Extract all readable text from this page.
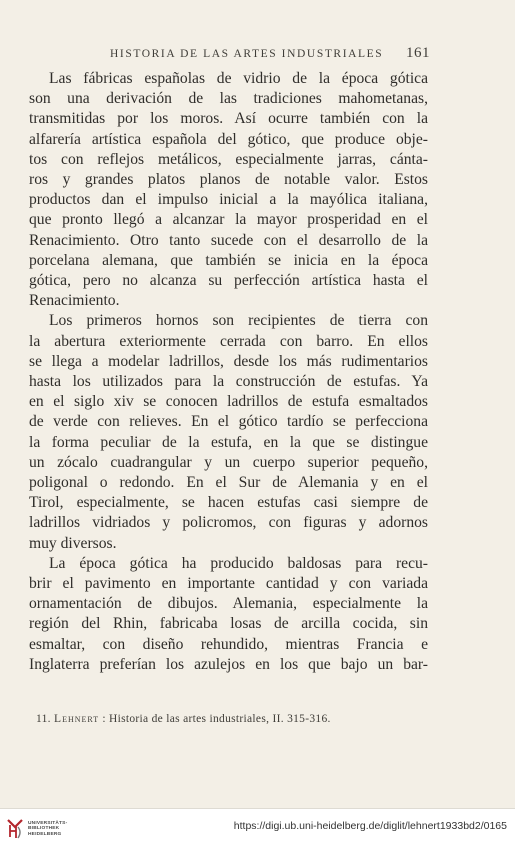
HISTORIA DE LAS ARTES INDUSTRIALES 161
Las fábricas españolas de vidrio de la época gótica
son una derivación de las tradiciones mahometanas,
transmitidas por los moros. Así ocurre también con la
alfarería artística española del gótico, que produce obje-
tos con reflejos metálicos, especialmente jarras, cánta-
ros y grandes platos planos de notable valor. Estos
productos dan el impulso inicial a la mayólica italiana,
que pronto llegó a alcanzar la mayor prosperidad en el
Renacimiento. Otro tanto sucede con el desarrollo de la
porcelana alemana, que también se inicia en la época
gótica, pero no alcanza su perfección artística hasta el
Renacimiento.
Los primeros hornos son recipientes de tierra con
la abertura exteriormente cerrada con barro. En ellos
se llega a modelar ladrillos, desde los más rudimentarios
hasta los utilizados para la construcción de estufas. Ya
en el siglo xiv se conocen ladrillos de estufa esmaltados
de verde con relieves. En el gótico tardío se perfecciona
la forma peculiar de la estufa, en la que se distingue
un zócalo cuadrangular y un cuerpo superior pequeño,
poligonal o redondo. En el Sur de Alemania y en el
Tirol, especialmente, se hacen estufas casi siempre de
ladrillos vidriados y policromos, con figuras y adornos
muy diversos.
La época gótica ha producido baldosas para recu-
brir el pavimento en importante cantidad y con variada
ornamentación de dibujos. Alemania, especialmente la
región del Rhin, fabricaba losas de arcilla cocida, sin
esmaltar, con diseño rehundido, mientras Francia e
Inglaterra preferían los azulejos en los que bajo un bar-
11. Lehnert : Historia de las artes industriales, II. 315-316.
UNIVERSITÄTS-
BIBLIOTHEK
HEIDELBERG
https://digi.ub.uni-heidelberg.de/diglit/lehnert1933bd2/0165
